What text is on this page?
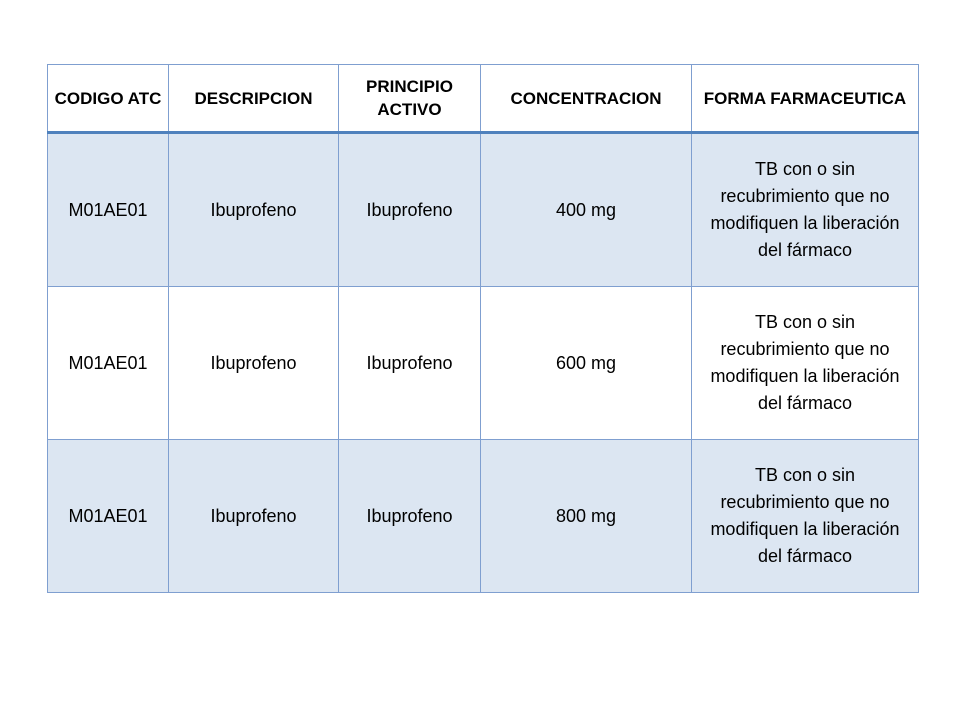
CODIGO ATC	DESCRIPCION	PRINCIPIO ACTIVO	CONCENTRACION	FORMA FARMACEUTICA

M01AE01	Ibuprofeno	Ibuprofeno	400 mg	TB con o sin recubrimiento que no modifiquen la liberación del fármaco

M01AE01	Ibuprofeno	Ibuprofeno	600 mg	TB con o sin recubrimiento que no modifiquen la liberación del fármaco

M01AE01	Ibuprofeno	Ibuprofeno	800 mg	TB con o sin recubrimiento que no modifiquen la liberación del fármaco
